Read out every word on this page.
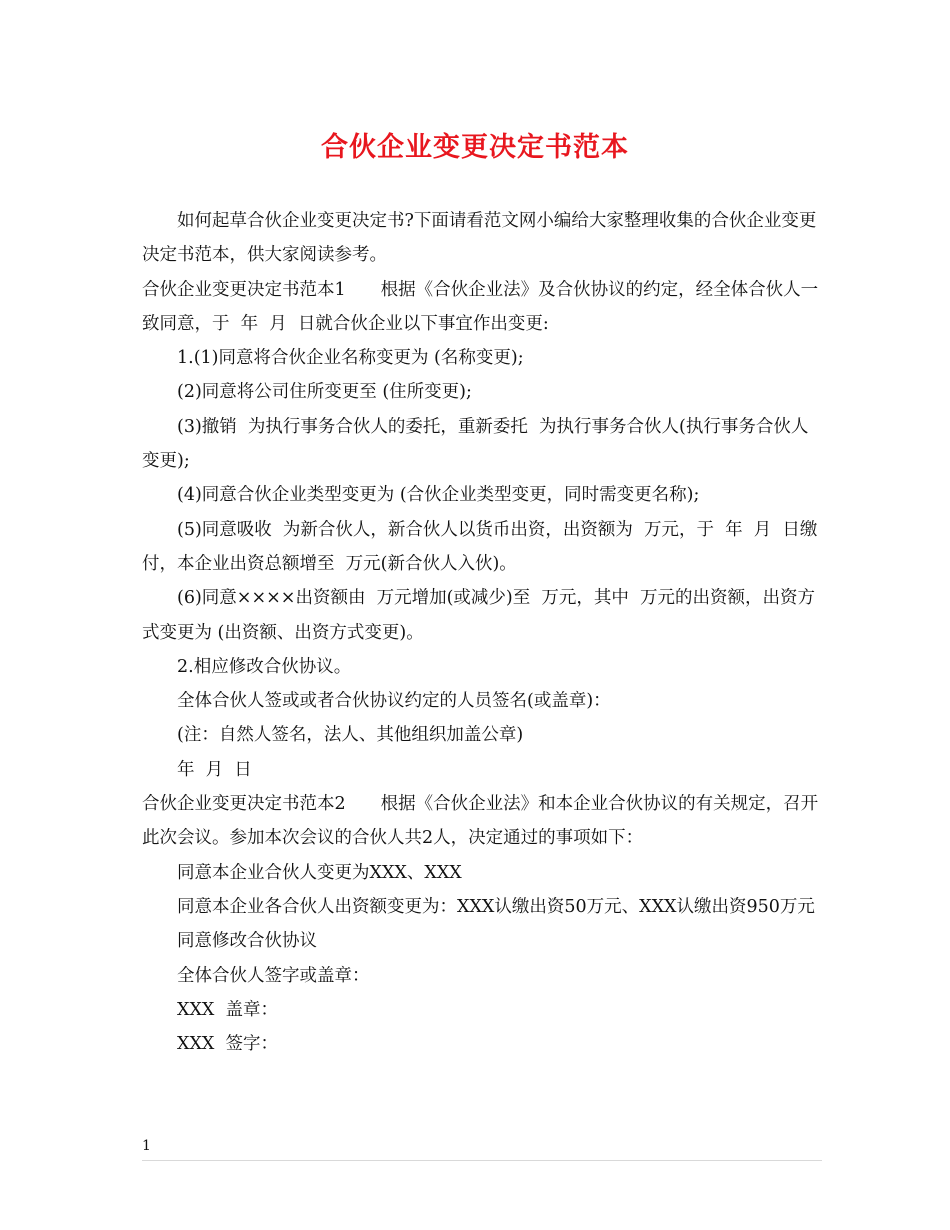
合伙企业变更决定书范本

如何起草合伙企业变更决定书?下面请看范文网小编给大家整理收集的合伙企业变更决定书范本，供大家阅读参考。

合伙企业变更决定书范本1　　根据《合伙企业法》及合伙协议的约定，经全体合伙人一致同意，于  年  月  日就合伙企业以下事宜作出变更:

1.(1)同意将合伙企业名称变更为 (名称变更);

(2)同意将公司住所变更至 (住所变更);

(3)撤销  为执行事务合伙人的委托，重新委托  为执行事务合伙人(执行事务合伙人变更);

(4)同意合伙企业类型变更为 (合伙企业类型变更，同时需变更名称);

(5)同意吸收  为新合伙人，新合伙人以货币出资，出资额为  万元，于  年  月  日缴付，本企业出资总额增至  万元(新合伙人入伙)。

(6)同意××××出资额由  万元增加(或减少)至  万元，其中  万元的出资额，出资方式变更为 (出资额、出资方式变更)。

2.相应修改合伙协议。

全体合伙人签或或者合伙协议约定的人员签名(或盖章)：

(注：自然人签名，法人、其他组织加盖公章)

年  月  日

合伙企业变更决定书范本2　　根据《合伙企业法》和本企业合伙协议的有关规定，召开此次会议。参加本次会议的合伙人共2人，决定通过的事项如下：

同意本企业合伙人变更为XXX、XXX

同意本企业各合伙人出资额变更为：XXX认缴出资50万元、XXX认缴出资950万元

同意修改合伙协议

全体合伙人签字或盖章：

XXX  盖章：

XXX  签字：

1
